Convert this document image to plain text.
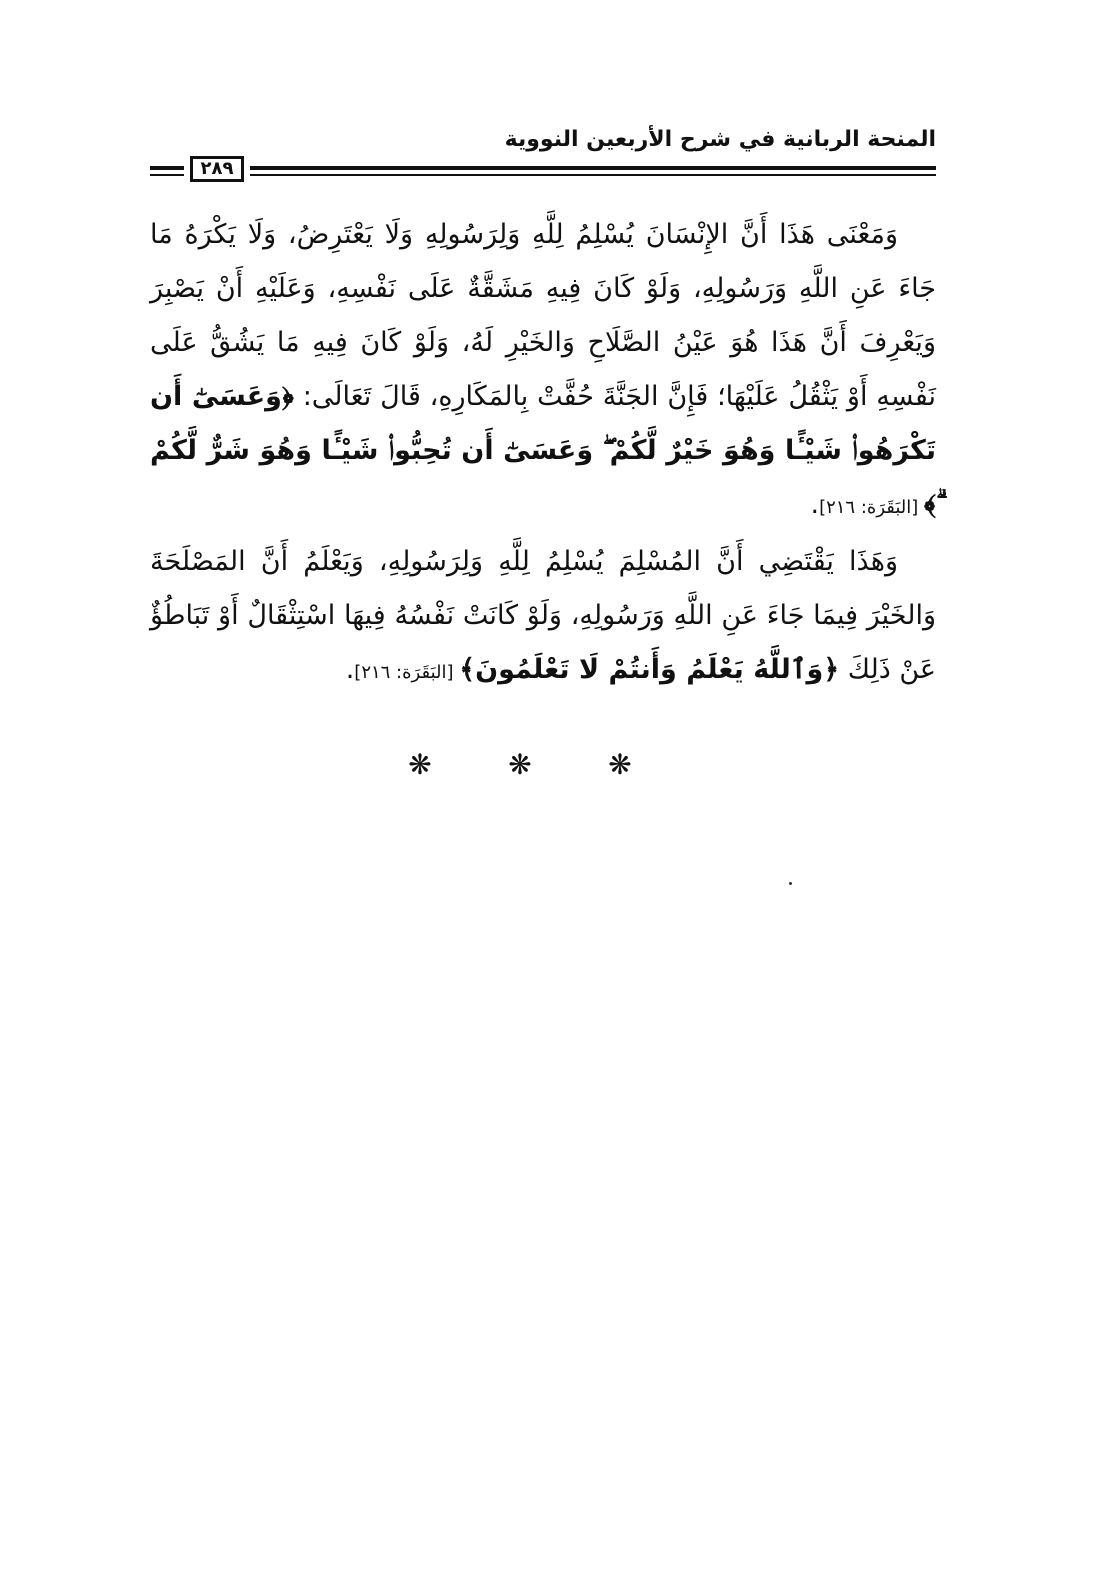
المنحة الربانية في شرح الأربعين النووية
٢٨٩

وَمَعْنَى هَذَا أَنَّ الإِنْسَانَ يُسْلِمُ لِلَّهِ وَلِرَسُولِهِ وَلَا يَعْتَرِضُ، وَلَا يَكْرَهُ مَا جَاءَ عَنِ اللَّهِ وَرَسُولِهِ، وَلَوْ كَانَ فِيهِ مَشَقَّةٌ عَلَى نَفْسِهِ، وَعَلَيْهِ أَنْ يَصْبِرَ وَيَعْرِفَ أَنَّ هَذَا هُوَ عَيْنُ الصَّلَاحِ وَالخَيْرِ لَهُ، وَلَوْ كَانَ فِيهِ مَا يَشُقُّ عَلَى نَفْسِهِ أَوْ يَثْقُلُ عَلَيْهَا؛ فَإِنَّ الجَنَّةَ حُفَّتْ بِالمَكَارِهِ، قَالَ تَعَالَى: ﴿وَعَسَىٰٓ أَن تَكْرَهُوا۟ شَيْـًٔا وَهُوَ خَيْرٌ لَّكُمْ ۖ وَعَسَىٰٓ أَن تُحِبُّوا۟ شَيْـًٔا وَهُوَ شَرٌّ لَّكُمْ ۗ﴾ [البَقَرَة: ٢١٦].

وَهَذَا يَقْتَضِي أَنَّ المُسْلِمَ يُسْلِمُ لِلَّهِ وَلِرَسُولِهِ، وَيَعْلَمُ أَنَّ المَصْلَحَةَ وَالخَيْرَ فِيمَا جَاءَ عَنِ اللَّهِ وَرَسُولِهِ، وَلَوْ كَانَتْ نَفْسُهُ فِيهَا اسْتِثْقَالٌ أَوْ تَبَاطُؤٌ عَنْ ذَلِكَ ﴿وَٱللَّهُ يَعْلَمُ وَأَنتُمْ لَا تَعْلَمُونَ﴾ [البَقَرَة: ٢١٦].

❋	❋	❋
